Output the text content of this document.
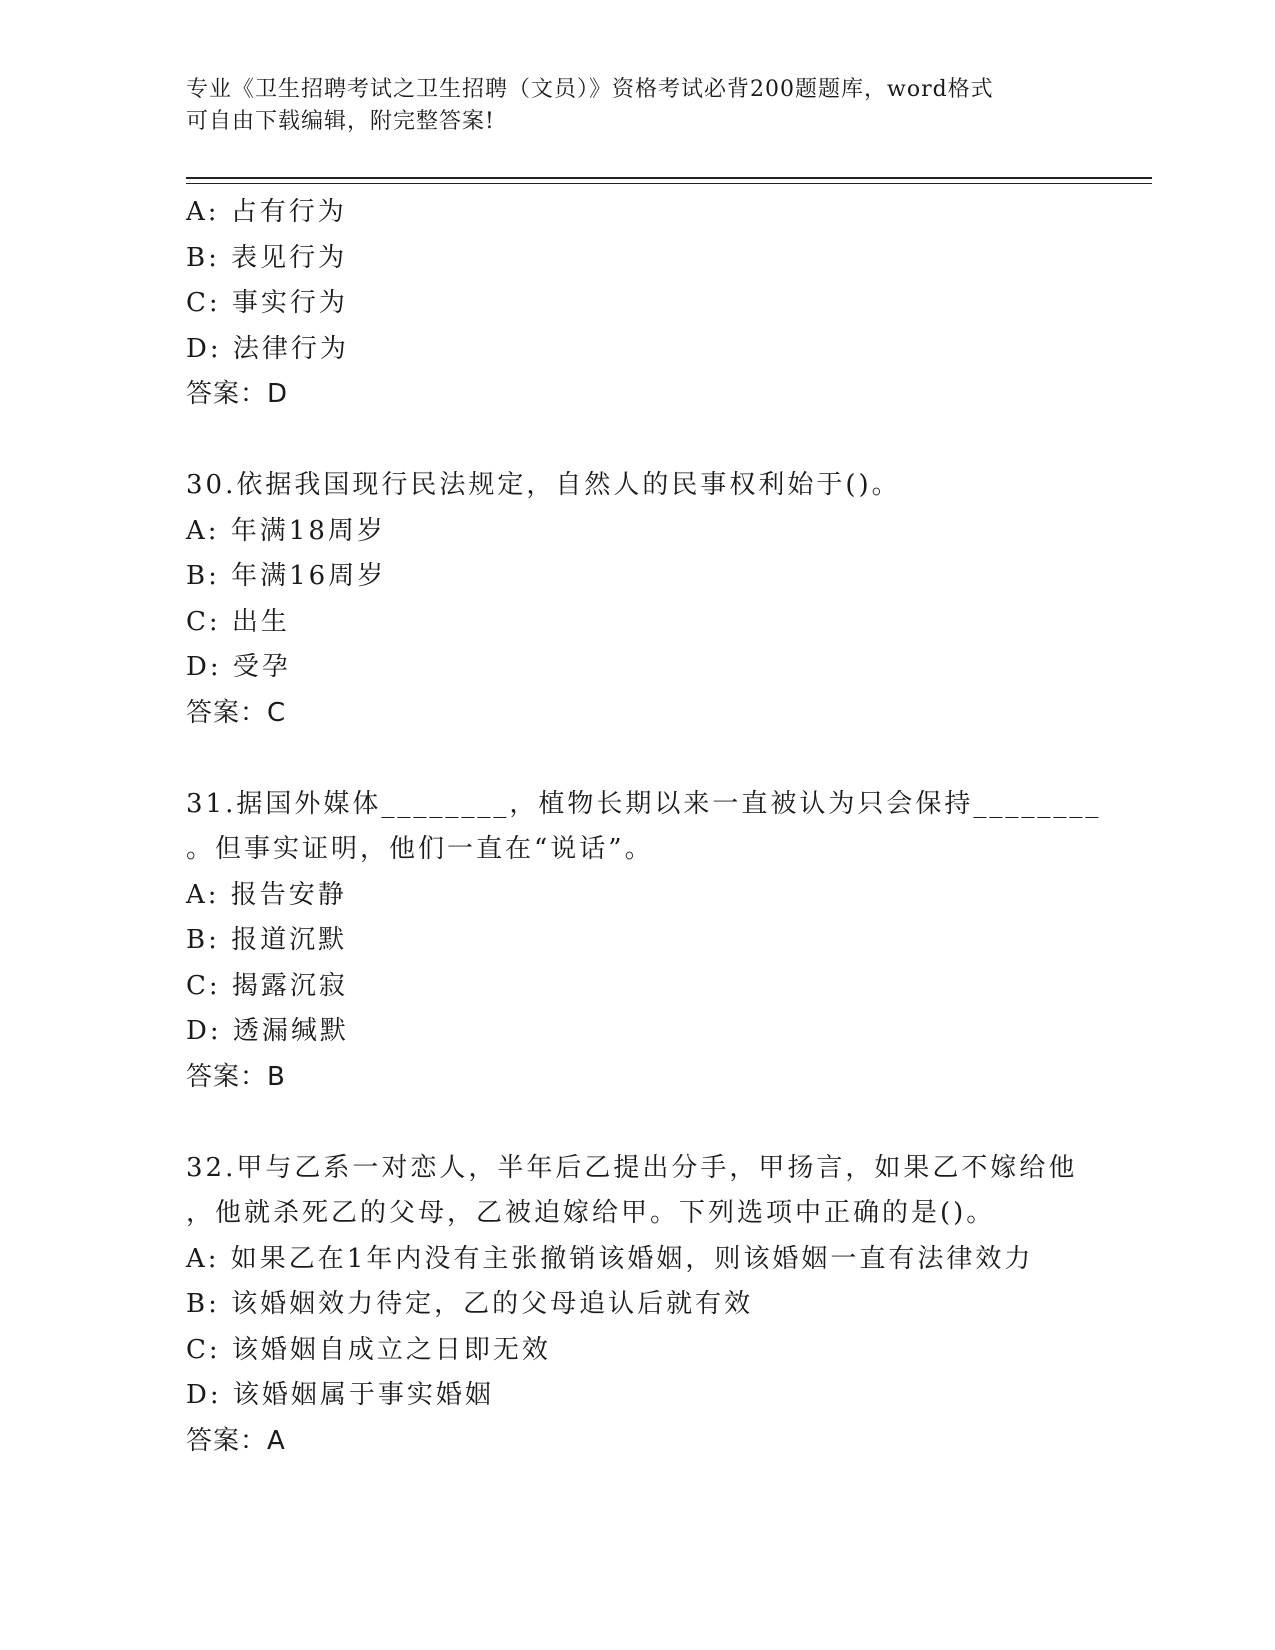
专业《卫生招聘考试之卫生招聘（文员）》资格考试必背200题题库，word格式
可自由下载编辑，附完整答案!
A: 占有行为
B: 表见行为
C: 事实行为
D: 法律行为
答案：D
30.依据我国现行民法规定，自然人的民事权利始于()。
A: 年满18周岁
B: 年满16周岁
C: 出生
D: 受孕
答案：C
31.据国外媒体________，植物长期以来一直被认为只会保持________
。但事实证明，他们一直在“说话”。
A: 报告安静
B: 报道沉默
C: 揭露沉寂
D: 透漏缄默
答案：B
32.甲与乙系一对恋人，半年后乙提出分手，甲扬言，如果乙不嫁给他
，他就杀死乙的父母，乙被迫嫁给甲。下列选项中正确的是()。
A: 如果乙在1年内没有主张撤销该婚姻，则该婚姻一直有法律效力
B: 该婚姻效力待定，乙的父母追认后就有效
C: 该婚姻自成立之日即无效
D: 该婚姻属于事实婚姻
答案：A
